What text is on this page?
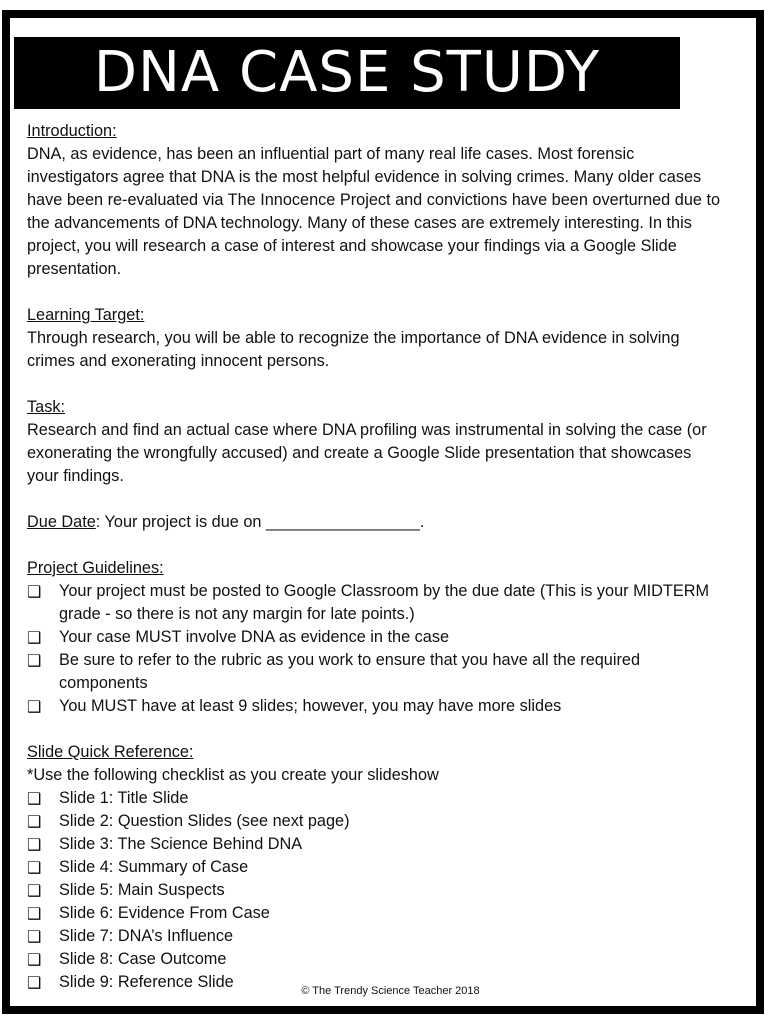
DNA CASE STUDY

Introduction:

DNA, as evidence, has been an influential part of many real life cases. Most forensic investigators agree that DNA is the most helpful evidence in solving crimes. Many older cases have been re-evaluated via The Innocence Project and convictions have been overturned due to the advancements of DNA technology. Many of these cases are extremely interesting. In this project, you will research a case of interest and showcase your findings via a Google Slide presentation.

Learning Target:

Through research, you will be able to recognize the importance of DNA evidence in solving crimes and exonerating innocent persons.

Task:

Research and find an actual case where DNA profiling was instrumental in solving the case (or exonerating the wrongfully accused) and create a Google Slide presentation that showcases your findings.

Due Date: Your project is due on _________________.

Project Guidelines:

❑ Your project must be posted to Google Classroom by the due date (This is your MIDTERM grade - so there is not any margin for late points.)
❑ Your case MUST involve DNA as evidence in the case
❑ Be sure to refer to the rubric as you work to ensure that you have all the required components
❑ You MUST have at least 9 slides; however, you may have more slides

Slide Quick Reference:

*Use the following checklist as you create your slideshow

❑ Slide 1: Title Slide
❑ Slide 2: Question Slides (see next page)
❑ Slide 3: The Science Behind DNA
❑ Slide 4: Summary of Case
❑ Slide 5: Main Suspects
❑ Slide 6: Evidence From Case
❑ Slide 7: DNA’s Influence
❑ Slide 8: Case Outcome
❑ Slide 9: Reference Slide	© The Trendy Science Teacher 2018
